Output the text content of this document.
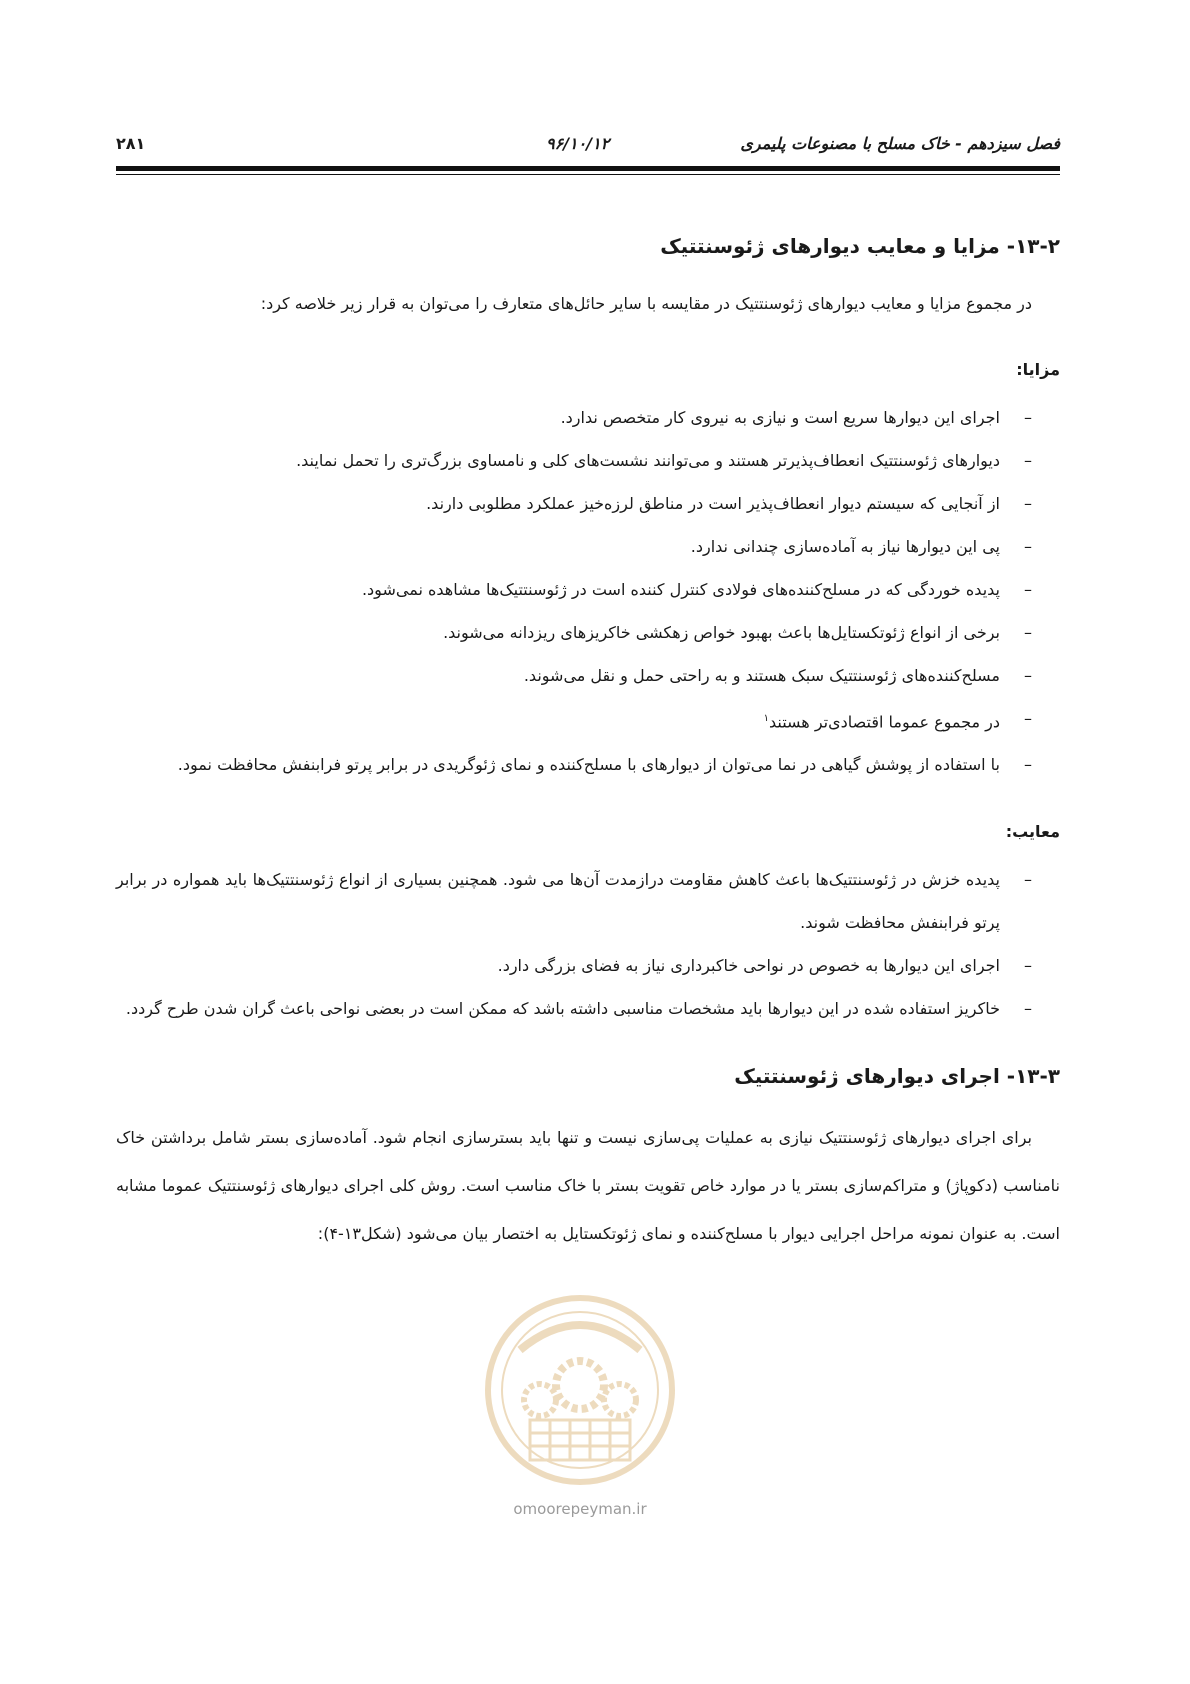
فصل سیزدهم - خاک مسلح با مصنوعات پلیمری
۹۶/۱۰/۱۲
۲۸۱
۱۳-۲- مزایا و معایب دیوارهای ژئوسنتتیک

در مجموع مزایا و معایب دیوارهای ژئوسنتتیک در مقایسه با سایر حائل‌های متعارف را می‌توان به قرار زیر خلاصه کرد:

مزایا:
–
اجرای این دیوارها سریع است و نیازی به نیروی کار متخصص ندارد.
–
دیوارهای ژئوسنتتیک انعطاف‌پذیرتر هستند و می‌توانند نشست‌های کلی و نامساوی بزرگ‌تری را تحمل نمایند.
–
از آنجایی که سیستم دیوار انعطاف‌پذیر است در مناطق لرزه‌خیز عملکرد مطلوبی دارند.
–
پی این دیوارها نیاز به آماده‌سازی چندانی ندارد.
–
پدیده خوردگی که در مسلح‌کننده‌های فولادی کنترل کننده است در ژئوسنتتیک‌ها مشاهده نمی‌شود.
–
برخی از انواع ژئوتکستایل‌ها باعث بهبود خواص زهکشی خاکریزهای ریزدانه می‌شوند.
–
مسلح‌کننده‌های ژئوسنتتیک سبک هستند و به راحتی حمل و نقل می‌شوند.
–
در مجموع عموما اقتصادی‌تر هستند$^۱$
–
با استفاده از پوشش گیاهی در نما می‌توان از دیوارهای با مسلح‌کننده و نمای ژئوگریدی در برابر پرتو فرابنفش محافظت نمود.
معایب:
–
پدیده خزش در ژئوسنتتیک‌ها باعث کاهش مقاومت درازمدت آن‌ها می شود. همچنین بسیاری از انواع ژئوسنتتیک‌ها باید همواره در برابر پرتو فرابنفش محافظت شوند.
–
اجرای این دیوارها به خصوص در نواحی خاکبرداری نیاز به فضای بزرگی دارد.
–
خاکریز استفاده شده در این دیوارها باید مشخصات مناسبی داشته باشد که ممکن است در بعضی نواحی باعث گران شدن طرح گردد.
۱۳-۳- اجرای دیوارهای ژئوسنتتیک

برای اجرای دیوارهای ژئوسنتتیک نیازی به عملیات پی‌سازی نیست و تنها باید بسترسازی انجام شود. آماده‌سازی بستر شامل برداشتن خاک نامناسب (دکوپاژ) و متراکم‌سازی بستر یا در موارد خاص تقویت بستر با خاک مناسب است. روش کلی اجرای دیوارهای ژئوسنتتیک عموما مشابه است. به عنوان نمونه مراحل اجرایی دیوار با مسلح‌کننده و نمای ژئوتکستایل به اختصار بیان می‌شود (شکل۱۳-۴):

omoorepeyman.ir
